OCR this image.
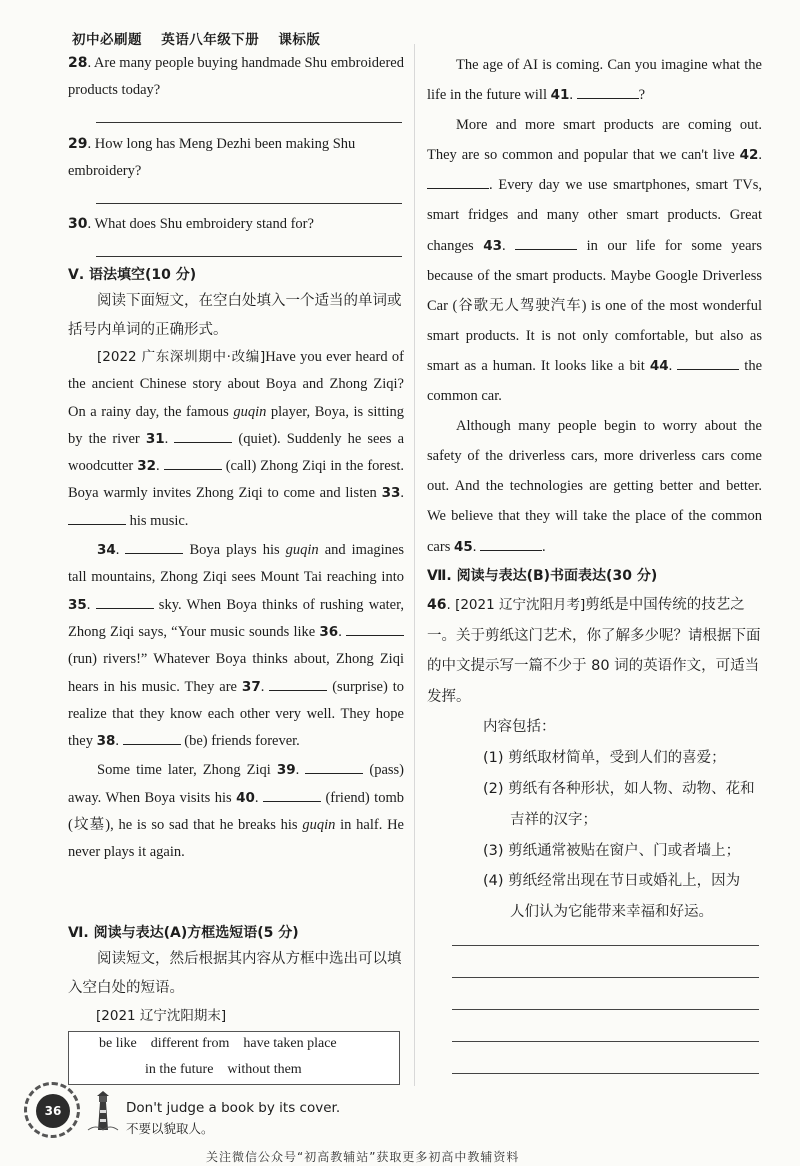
初中必刷题 英语八年级下册 课标版
28. Are many people buying handmade Shu embroidered products today?
29. How long has Meng Dezhi been making Shu embroidery?
30. What does Shu embroidery stand for?
Ⅴ. 语法填空(10 分)
阅读下面短文，在空白处填入一个适当的单词或括号内单词的正确形式。

[2022 广东深圳期中·改编]Have you ever heard of the ancient Chinese story about Boya and Zhong Ziqi? On a rainy day, the famous guqin player, Boya, is sitting by the river 31.	(quiet). Suddenly he sees a woodcutter 32.	(call) Zhong Ziqi in the forest. Boya warmly invites Zhong Ziqi to come and listen 33.  his music.

34.	Boya plays his guqin and imagines tall mountains, Zhong Ziqi sees Mount Tai reaching into 35.	sky. When Boya thinks of rushing water, Zhong Ziqi says, “Your music sounds like 36.  (run) rivers!” Whatever Boya thinks about, Zhong Ziqi hears in his music. They are 37.	(surprise) to realize that they know each other very well. They hope they 38.	(be) friends forever.

Some time later, Zhong Ziqi 39.	(pass) away. When Boya visits his 40.	(friend) tomb (坟墓), he is so sad that he breaks his guqin in half. He never plays it again.

Ⅵ. 阅读与表达(A)方框选短语(5 分)
阅读短文，然后根据其内容从方框中选出可以填入空白处的短语。
[2021 辽宁沈阳期末]
be like    different from    have taken place
in the future    without them

The age of AI is coming. Can you imagine what the life in the future will 41.	?

More and more smart products are coming out. They are so common and popular that we can't live 42. . Every day we use smartphones, smart TVs, smart fridges and many other smart products. Great changes 43.	in our life for some years because of the smart products. Maybe Google Driverless Car (谷歌无人驾驶汽车) is one of the most wonderful smart products. It is not only comfortable, but also as smart as a human. It looks like a bit 44.	the common car.

Although many people begin to worry about the safety of the driverless cars, more driverless cars come out. And the technologies are getting better and better. We believe that they will take the place of the common cars 45.	.

Ⅶ. 阅读与表达(B)书面表达(30 分)
46. [2021 辽宁沈阳月考]剪纸是中国传统的技艺之一。关于剪纸这门艺术，你了解多少呢？请根据下面的中文提示写一篇不少于 80 词的英语作文，可适当发挥。
内容包括：
(1) 剪纸取材简单，受到人们的喜爱；
(2) 剪纸有各种形状，如人物、动物、花和
吉祥的汉字；
(3) 剪纸通常被贴在窗户、门或者墙上；
(4) 剪纸经常出现在节日或婚礼上，因为
人们认为它能带来幸福和好运。
36	Don't judge a book by its cover.
不要以貌取人。
关注微信公众号“初高教辅站”获取更多初高中教辅资料
